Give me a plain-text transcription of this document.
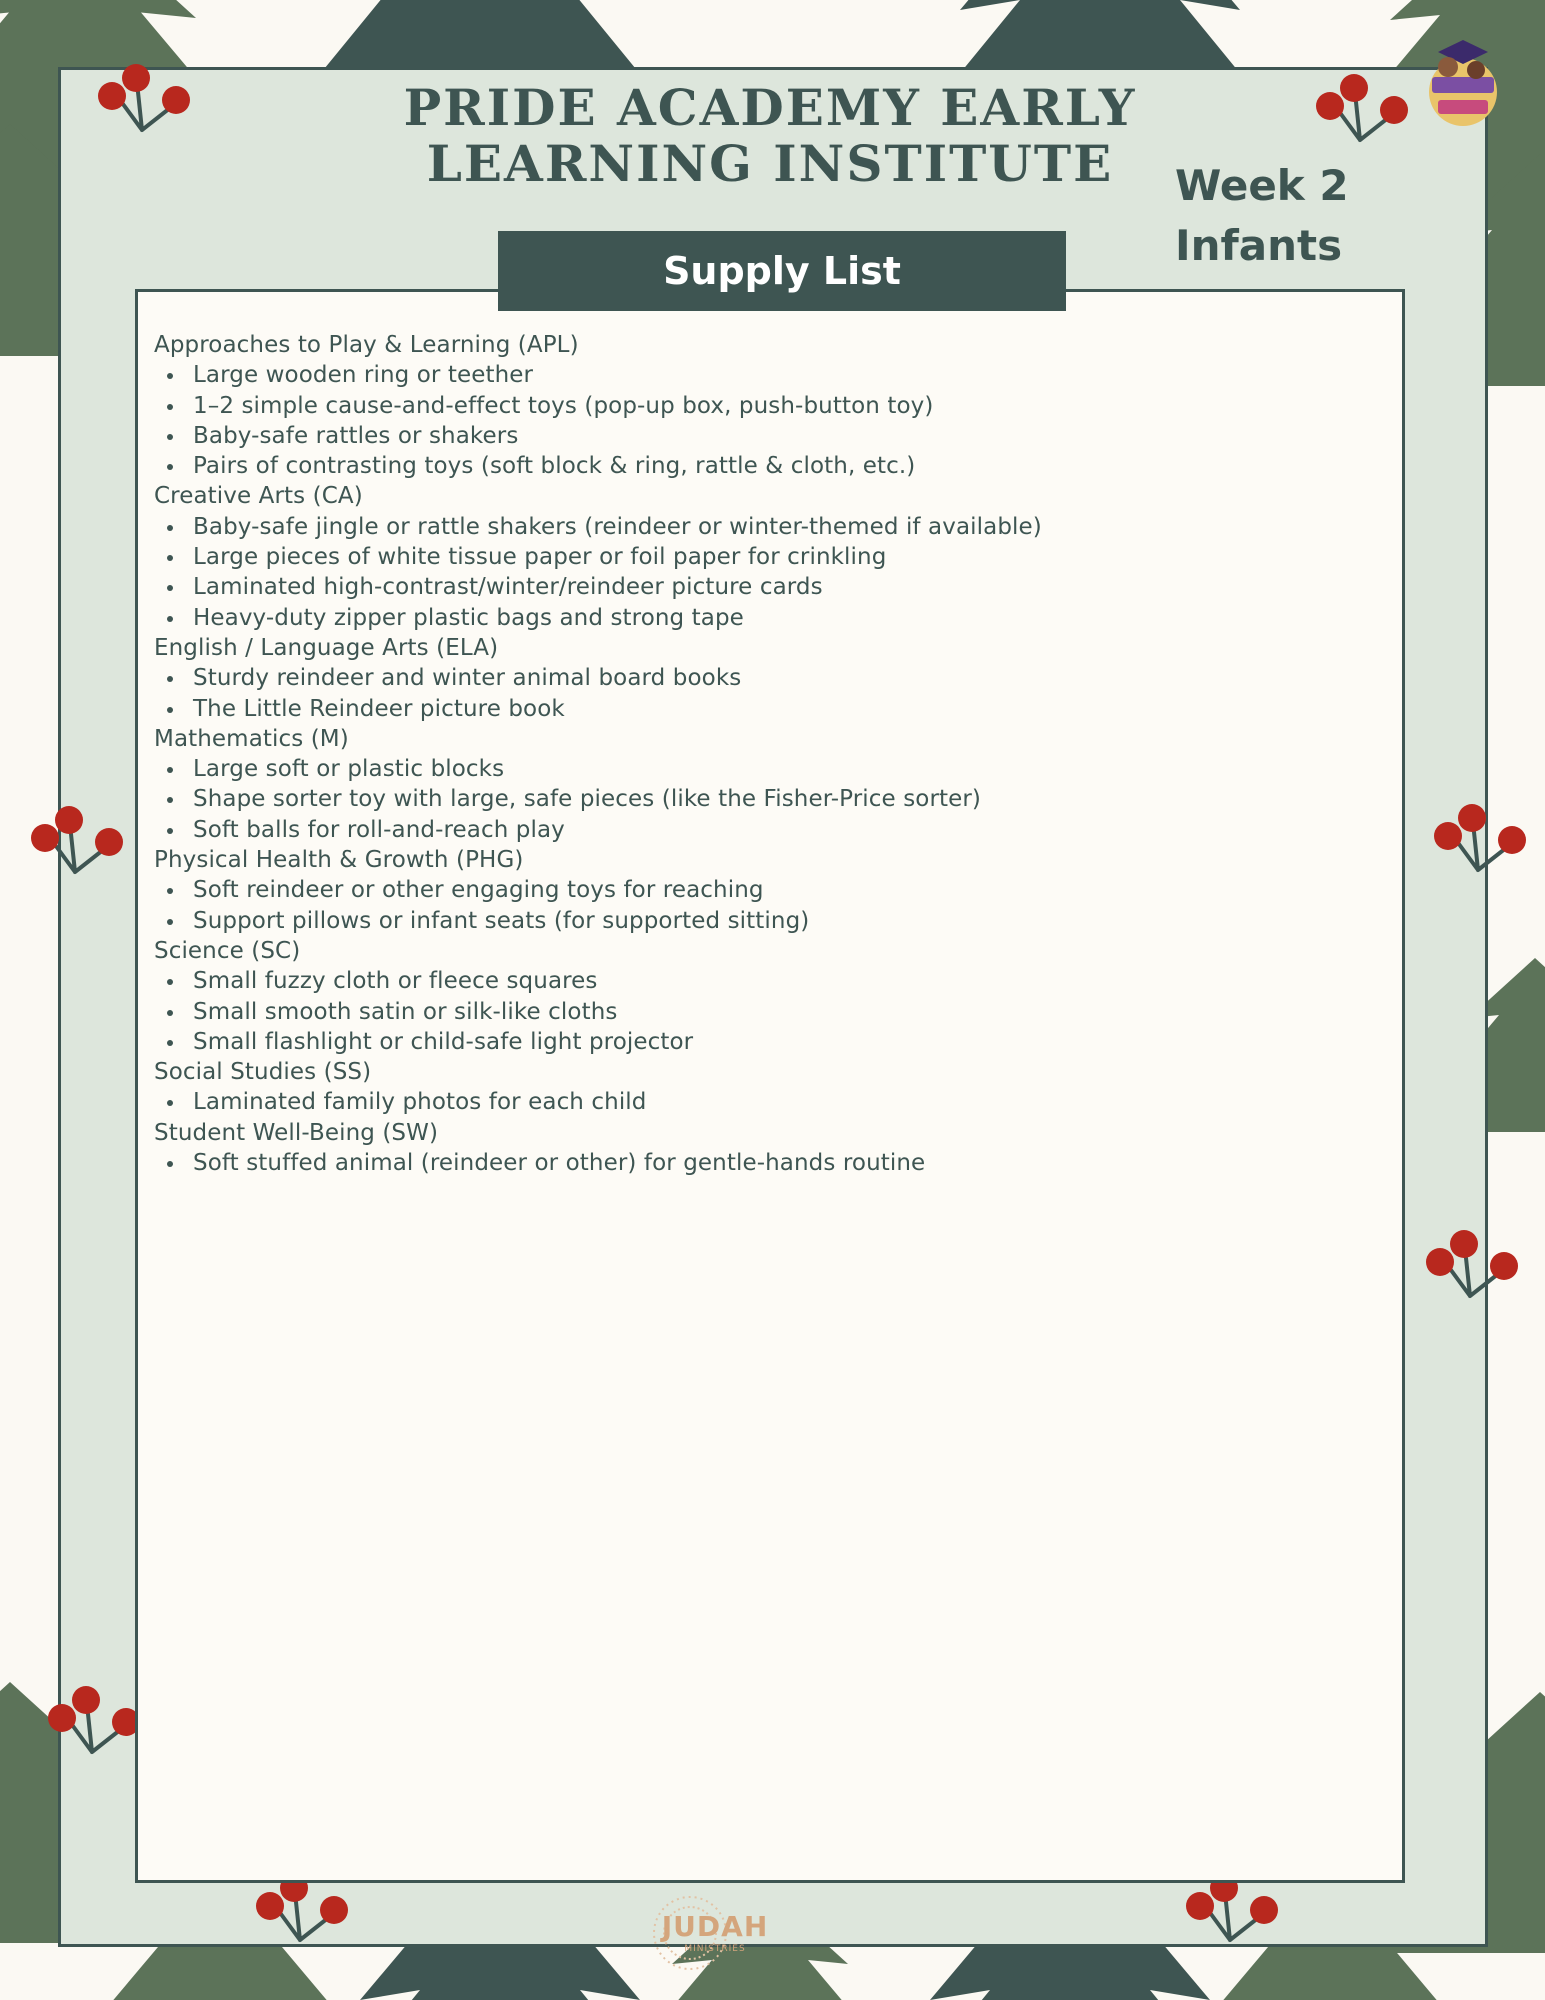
PRIDE ACADEMY EARLY
LEARNING INSTITUTE	Week 2
Infants
Supply List
Approaches to Play & Learning (APL)
Large wooden ring or teether
1–2 simple cause-and-effect toys (pop-up box, push-button toy)
Baby-safe rattles or shakers
Pairs of contrasting toys (soft block & ring, rattle & cloth, etc.)
Creative Arts (CA)
Baby-safe jingle or rattle shakers (reindeer or winter-themed if available)
Large pieces of white tissue paper or foil paper for crinkling
Laminated high-contrast/winter/reindeer picture cards
Heavy-duty zipper plastic bags and strong tape
English / Language Arts (ELA)
Sturdy reindeer and winter animal board books
The Little Reindeer picture book
Mathematics (M)
Large soft or plastic blocks
Shape sorter toy with large, safe pieces (like the Fisher-Price sorter)
Soft balls for roll-and-reach play
Physical Health & Growth (PHG)
Soft reindeer or other engaging toys for reaching
Support pillows or infant seats (for supported sitting)
Science (SC)
Small fuzzy cloth or fleece squares
Small smooth satin or silk-like cloths
Small flashlight or child-safe light projector
Social Studies (SS)
Laminated family photos for each child
Student Well-Being (SW)
Soft stuffed animal (reindeer or other) for gentle-hands routine
JUDAH
MINISTRIES
